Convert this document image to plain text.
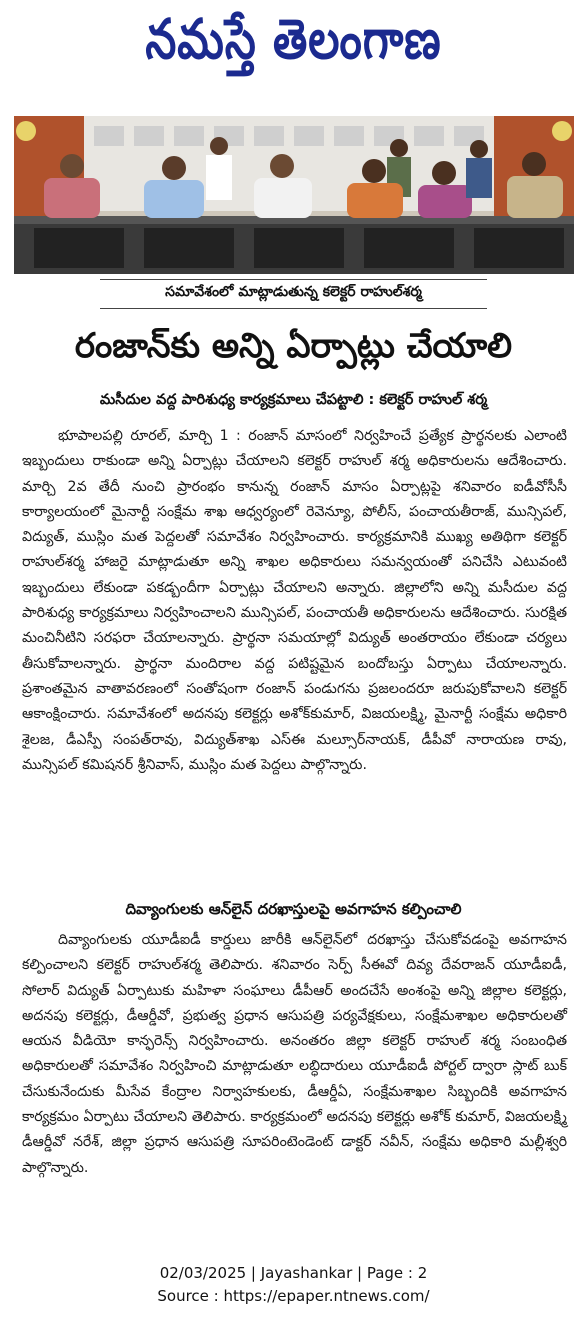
నమస్తే తెలంగాణ
సమావేశంలో మాట్లాడుతున్న కలెక్టర్ రాహుల్‌శర్మ
రంజాన్‌కు అన్ని ఏర్పాట్లు చేయాలి
మసీదుల వద్ద పారిశుధ్య కార్యక్రమాలు చేపట్టాలి : కలెక్టర్ రాహుల్ శర్మ

భూపాలపల్లి రూరల్, మార్చి 1 : రంజాన్ మాసంలో నిర్వహించే ప్రత్యేక ప్రార్థనలకు ఎలాంటి ఇబ్బందులు రాకుండా అన్ని ఏర్పాట్లు చేయాలని కలెక్టర్ రాహుల్ శర్మ అధికారులను ఆదేశించారు. మార్చి 2వ తేదీ నుంచి ప్రారంభం కానున్న రంజాన్ మాసం ఏర్పాట్లపై శనివారం ఐడీవోసీసీ కార్యాలయంలో మైనార్టీ సంక్షేమ శాఖ ఆధ్వర్యంలో రెవెన్యూ, పోలీస్, పంచాయతీరాజ్, మున్సిపల్, విద్యుత్, ముస్లిం మత పెద్దలతో సమావేశం నిర్వహించారు. కార్యక్రమానికి ముఖ్య అతిథిగా కలెక్టర్ రాహుల్‌శర్మ హాజరై మాట్లాడుతూ అన్ని శాఖల అధికారులు సమన్వయంతో పనిచేసి ఎటువంటి ఇబ్బందులు లేకుండా పకడ్బందీగా ఏర్పాట్లు చేయాలని అన్నారు. జిల్లాలోని అన్ని మసీదుల వద్ద పారిశుధ్య కార్యక్రమాలు నిర్వహించాలని మున్సిపల్, పంచాయతీ అధికారులను ఆదేశించారు. సురక్షిత మంచినీటిని సరఫరా చేయాలన్నారు. ప్రార్థనా సమయాల్లో విద్యుత్ అంతరాయం లేకుండా చర్యలు తీసుకోవాలన్నారు. ప్రార్థనా మందిరాల వద్ద పటిష్టమైన బందోబస్తు ఏర్పాటు చేయాలన్నారు. ప్రశాంతమైన వాతావరణంలో సంతోషంగా రంజాన్ పండుగను ప్రజలందరూ జరుపుకోవాలని కలెక్టర్ ఆకాంక్షించారు. సమావేశంలో అదనపు కలెక్టర్లు అశోక్‌కుమార్, విజయలక్ష్మి, మైనార్టీ సంక్షేమ అధికారి శైలజ, డీఎస్పీ సంపత్‌రావు, విద్యుత్‌శాఖ ఎస్ఈ మల్సూర్‌నాయక్, డీపీవో నారాయణ రావు, మున్సిపల్ కమిషనర్ శ్రీనివాస్, ముస్లిం మత పెద్దలు పాల్గొన్నారు.

దివ్యాంగులకు ఆన్‌లైన్ దరఖాస్తులపై అవగాహన కల్పించాలి

దివ్యాంగులకు యూడీఐడీ కార్డులు జారీకి ఆన్‌లైన్‌లో దరఖాస్తు చేసుకోవడంపై అవగాహన కల్పించాలని కలెక్టర్ రాహుల్‌శర్మ తెలిపారు. శనివారం సెర్ప్ సీఈవో దివ్య దేవరాజన్ యూడీఐడీ, సోలార్ విద్యుత్ ఏర్పాటుకు మహిళా సంఘాలు డీపీఆర్ అందచేసే అంశంపై అన్ని జిల్లాల కలెక్టర్లు, అదనపు కలెక్టర్లు, డీఆర్డీవో, ప్రభుత్వ ప్రధాన ఆసుపత్రి పర్యవేక్షకులు, సంక్షేమశాఖల అధికారులతో ఆయన వీడియో కాన్ఫరెన్స్ నిర్వహించారు. అనంతరం జిల్లా కలెక్టర్ రాహుల్ శర్మ సంబంధిత అధికారులతో సమావేశం నిర్వహించి మాట్లాడుతూ లబ్ధిదారులు యూడీఐడీ పోర్టల్ ద్వారా స్లాట్ బుక్ చేసుకునేందుకు మీసేవ కేంద్రాల నిర్వాహకులకు, డీఆర్డీఏ, సంక్షేమశాఖల సిబ్బందికి అవగాహన కార్యక్రమం ఏర్పాటు చేయాలని తెలిపారు. కార్యక్రమంలో అదనపు కలెక్టర్లు అశోక్ కుమార్, విజయలక్ష్మి డీఆర్డీవో నరేశ్, జిల్లా ప్రధాన ఆసుపత్రి సూపరింటెండెంట్ డాక్టర్ నవీన్, సంక్షేమ అధికారి మల్లీశ్వరి పాల్గొన్నారు.

02/03/2025 | Jayashankar | Page : 2
Source : https://epaper.ntnews.com/
